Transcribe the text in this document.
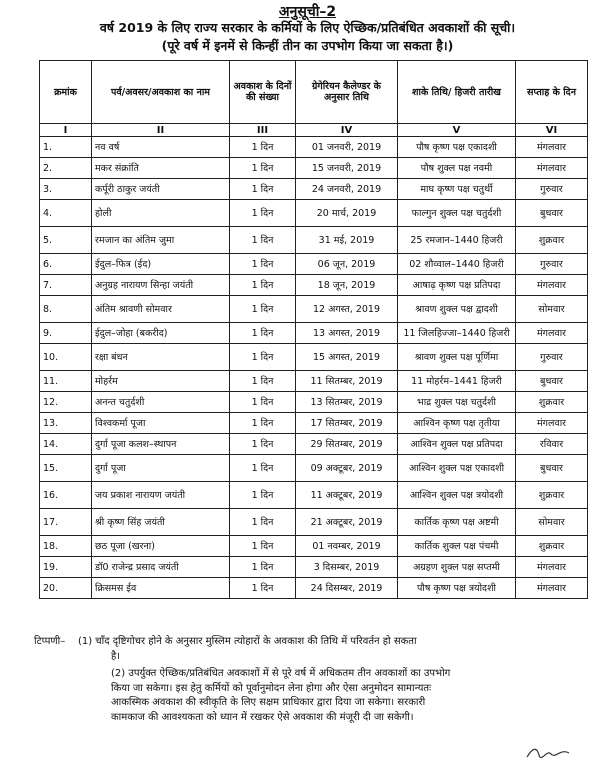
अनुसूची–2
वर्ष 2019 के लिए राज्य सरकार के कर्मियों के लिए ऐच्छिक/प्रतिबंधित अवकाशों की सूची।
(पूरे वर्ष में इनमें से किन्हीं तीन का उपभोग किया जा सकता है।)
क्रमांक	पर्व/अवसर/अवकाश का नाम	अवकाश के दिनों की संख्या	ग्रेगेरियन कैलेण्डर के अनुसार तिथि	शाके तिथि/ हिजरी तारीख	सप्ताह के दिन
I	II	III	IV	V	VI
1.	नव वर्ष	1 दिन	01 जनवरी, 2019	पौष कृष्ण पक्ष एकादशी	मंगलवार
2.	मकर संक्रांति	1 दिन	15 जनवरी, 2019	पौष शुक्ल पक्ष नवमी	मंगलवार
3.	कर्पूरी ठाकुर जयंती	1 दिन	24 जनवरी, 2019	माघ कृष्ण पक्ष चतुर्थी	गुरुवार
4.	होली	1 दिन	20 मार्च, 2019	फाल्गुन शुक्ल पक्ष चतुर्दशी	बुधवार
5.	रमजान का अंतिम जुमा	1 दिन	31 मई, 2019	25 रमजान–1440 हिजरी	शुक्रवार
6.	ईदुल–फित्र (ईद)	1 दिन	06 जून, 2019	02 शौव्वाल–1440 हिजरी	गुरुवार
7.	अनुग्रह नारायण सिन्हा जयंती	1 दिन	18 जून, 2019	आषाढ़ कृष्ण पक्ष प्रतिपदा	मंगलवार
8.	अंतिम श्रावणी सोमवार	1 दिन	12 अगस्त, 2019	श्रावण शुक्ल पक्ष द्वादशी	सोमवार
9.	ईदुल–जोहा (बकरीद)	1 दिन	13 अगस्त, 2019	11 जिलहिज्जा–1440 हिजरी	मंगलवार
10.	रक्षा बंधन	1 दिन	15 अगस्त, 2019	श्रावण शुक्ल पक्ष पूर्णिमा	गुरुवार
11.	मोहर्रम	1 दिन	11 सितम्बर, 2019	11 मोहर्रम–1441 हिजरी	बुधवार
12.	अनन्त चतुर्दशी	1 दिन	13 सितम्बर, 2019	भाद्र शुक्ल पक्ष चतुर्दशी	शुक्रवार
13.	विश्वकर्मा पूजा	1 दिन	17 सितम्बर, 2019	आश्विन कृष्ण पक्ष तृतीया	मंगलवार
14.	दुर्गा पूजा कलश–स्थापन	1 दिन	29 सितम्बर, 2019	आश्विन शुक्ल पक्ष प्रतिपदा	रविवार
15.	दुर्गा पूजा	1 दिन	09 अक्टूबर, 2019	आश्विन शुक्ल पक्ष एकादशी	बुधवार
16.	जय प्रकाश नारायण जयंती	1 दिन	11 अक्टूबर, 2019	आश्विन शुक्ल पक्ष त्रयोदशी	शुक्रवार
17.	श्री कृष्ण सिंह जयंती	1 दिन	21 अक्टूबर, 2019	कार्तिक कृष्ण पक्ष अष्टमी	सोमवार
18.	छठ पूजा (खरना)	1 दिन	01 नवम्बर, 2019	कार्तिक शुक्ल पक्ष पंचमी	शुक्रवार
19.	डॉ0 राजेन्द्र प्रसाद जयंती	1 दिन	3 दिसम्बर, 2019	अग्रहण शुक्ल पक्ष सप्तमी	मंगलवार
20.	क्रिसमस ईव	1 दिन	24 दिसम्बर, 2019	पौष कृष्ण पक्ष त्रयोदशी	मंगलवार
टिप्पणी– (1) चाँद दृष्टिगोचर होने के अनुसार मुस्लिम त्योहारों के अवकाश की तिथि में परिवर्तन हो सकता
है।
(2) उपर्युक्त ऐच्छिक/प्रतिबंधित अवकाशों में से पूरे वर्ष में अधिकतम तीन अवकाशों का उपभोग
किया जा सकेगा। इस हेतु कर्मियों को पूर्वानुमोदन लेना होगा और ऐसा अनुमोदन सामान्यतः
आकस्मिक अवकाश की स्वीकृति के लिए सक्षम प्राधिकार द्वारा दिया जा सकेगा। सरकारी
कामकाज की आवश्यकता को ध्यान में रखकर ऐसे अवकाश की मंजूरी दी जा सकेगी।
